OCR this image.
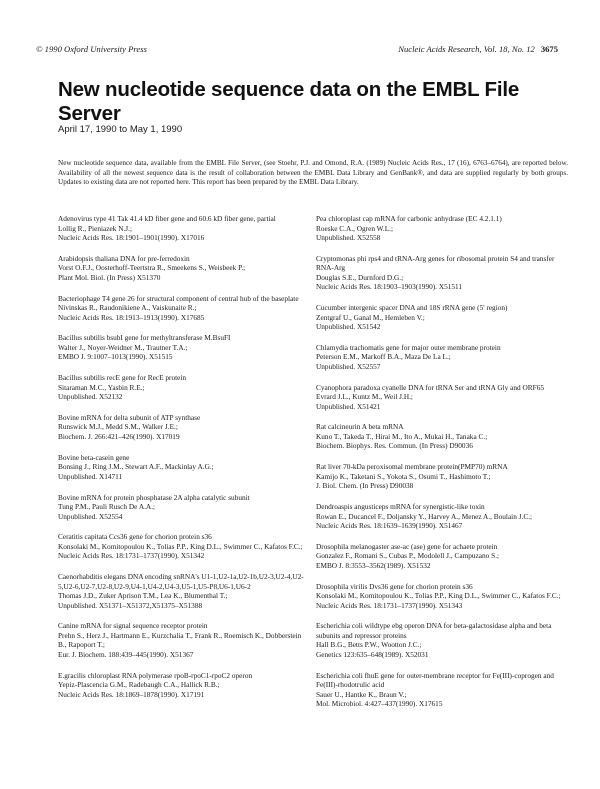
© 1990 Oxford University Press	Nucleic Acids Research, Vol. 18, No. 12 3675
New nucleotide sequence data on the EMBL File Server
April 17, 1990 to May 1, 1990
New nucleotide sequence data, available from the EMBL File Server, (see Stoehr, P.J. and Omond, R.A. (1989) Nucleic Acids Res., 17 (16), 6763–6764), are reported below. Availability of all the newest sequence data is the result of collaboration between the EMBL Data Library and GenBank®, and data are supplied regularly by both groups. Updates to existing data are not reported here. This report has been prepared by the EMBL Data Library.
Adenovirus type 41 Tak 41.4 kD fiber gene and 60.6 kD fiber gene, partial
Lollig R., Pieniazek N.J.;
Nucleic Acids Res. 18:1901–1901(1990). X17016
Arabidopsis thaliana DNA for pre-ferredoxin
Vorst O.F.J., Oosterhoff-Teertstra R., Smeekens S., Weisbeek P.;
Plant Mol. Biol. (In Press) X51370
Bacteriophage T4 gene 26 for structural component of central hub of the baseplate
Nivinskas R., Raudonikiene A., Vaiskunaite R.;
Nucleic Acids Res. 18:1913–1913(1990). X17685
Bacillus subtilis bsubI gene for methyltransferase M.BsuFI
Walter J., Noyer-Weidner M., Trautner T.A.;
EMBO J. 9:1007–1013(1990). X51515
Bacillus subtilis recE gene for RecE protein
Sitaraman M.C., Yasbin R.E.;
Unpublished. X52132
Bovine mRNA for delta subunit of ATP synthase
Runswick M.J., Medd S.M., Walker J.E.;
Biochem. J. 266:421–426(1990). X17019
Bovine beta-casein gene
Bonsing J., Ring J.M., Stewart A.F., Mackinlay A.G.;
Unpublished. X14711
Bovine mRNA for protein phosphatase 2A alpha catalytic subunit
Tung P.M., Pauli Rusch De A.A.;
Unpublished. X52554
Ceratitis capitata Ccs36 gene for chorion protein s36
Konsolaki M., Komitopoulou K., Tolias P.P., King D.L., Swimmer C., Kafatos F.C.;
Nucleic Acids Res. 18:1731–1737(1990). X51342
Caenorhabditis elegans DNA encoding snRNA's U1-1,U2-1a,U2-1b,U2-3,U2-4,U2-5,U2-6,U2-7,U2-8,U2-9,U4-1,U4-2,U4-3,U5-1,U5-P8,U6-1,U6-2
Thomas J.D., Zuker Aprison T.M., Lea K., Blumenthal T.;
Unpublished. X51371–X51372,X51375–X51388
Canine mRNA for signal sequence receptor protein
Prehn S., Herz J., Hartmann E., Kurzchalia T., Frank R., Roemisch K., Dobberstein B., Rapoport T.;
Eur. J. Biochem. 188:439–445(1990). X51367
E.gracilis chloroplast RNA polymerase rpoB-rpoC1-rpoC2 operon
Yepiz-Plascencia G.M., Radebaugh C.A., Hallick R.B.;
Nucleic Acids Res. 18:1869–1878(1990). X17191
Pea chloroplast cap mRNA for carbonic anhydrase (EC 4.2.1.1)
Roeske C.A., Ogren W.L.;
Unpublished. X52558
Cryptomonas phi rps4 and tRNA-Arg genes for ribosomal protein S4 and transfer RNA-Arg
Douglas S.E., Durnford D.G.;
Nucleic Acids Res. 18:1903–1903(1990). X51511
Cucumber intergenic spacer DNA and 18S rRNA gene (5' region)
Zentgraf U., Ganal M., Hemleben V.;
Unpublished. X51542
Chlamydia trachomatis gene for major outer membrane protein
Peterson E.M., Markoff B.A., Maza De La L.;
Unpublished. X52557
Cyanophora paradoxa cyanelle DNA for tRNA Ser and tRNA Gly and ORF65
Evrard J.L., Kuntz M., Weil J.H.;
Unpublished. X51421
Rat calcineurin A beta mRNA
Kuno T., Takeda T., Hirai M., Ito A., Mukai H., Tanaka C.;
Biochem. Biophys. Res. Commun. (In Press) D90036
Rat liver 70-kDa peroxisomal membrane protein(PMP70) mRNA
Kamijo K., Taketani S., Yokota S., Osumi T., Hashimoto T.;
J. Biol. Chem. (In Press) D90038
Dendroaspis angusticeps mRNA for synergistic-like toxin
Rowan E., Ducancel F., Doljansky Y., Harvey A., Menez A., Boulain J.C.;
Nucleic Acids Res. 18:1639–1639(1990). X51467
Drosophila melanogaster ase-ac (ase) gene for achaete protein
Gonzalez F., Romani S., Cubas P., Modolell J., Campuzano S.;
EMBO J. 8:3553–3562(1989). X51532
Drosophila virilis Dvs36 gene for chorion protein s36
Konsolaki M., Komitopoulou K., Tolias P.P., King D.L., Swimmer C., Kafatos F.C.;
Nucleic Acids Res. 18:1731–1737(1990). X51343
Escherichia coli wildtype ebg operon DNA for beta-galactosidase alpha and beta subunits and repressor proteins
Hall B.G., Betts P.W., Wootton J.C.;
Genetics 123:635–648(1989). X52031
Escherichia coli fhuE gene for outer-membrane receptor for Fe(III)-coprogen and Fe(III)-rhodotrulic acid
Sauer U., Hantke K., Braun V.;
Mol. Microbiol. 4:427–437(1990). X17615
